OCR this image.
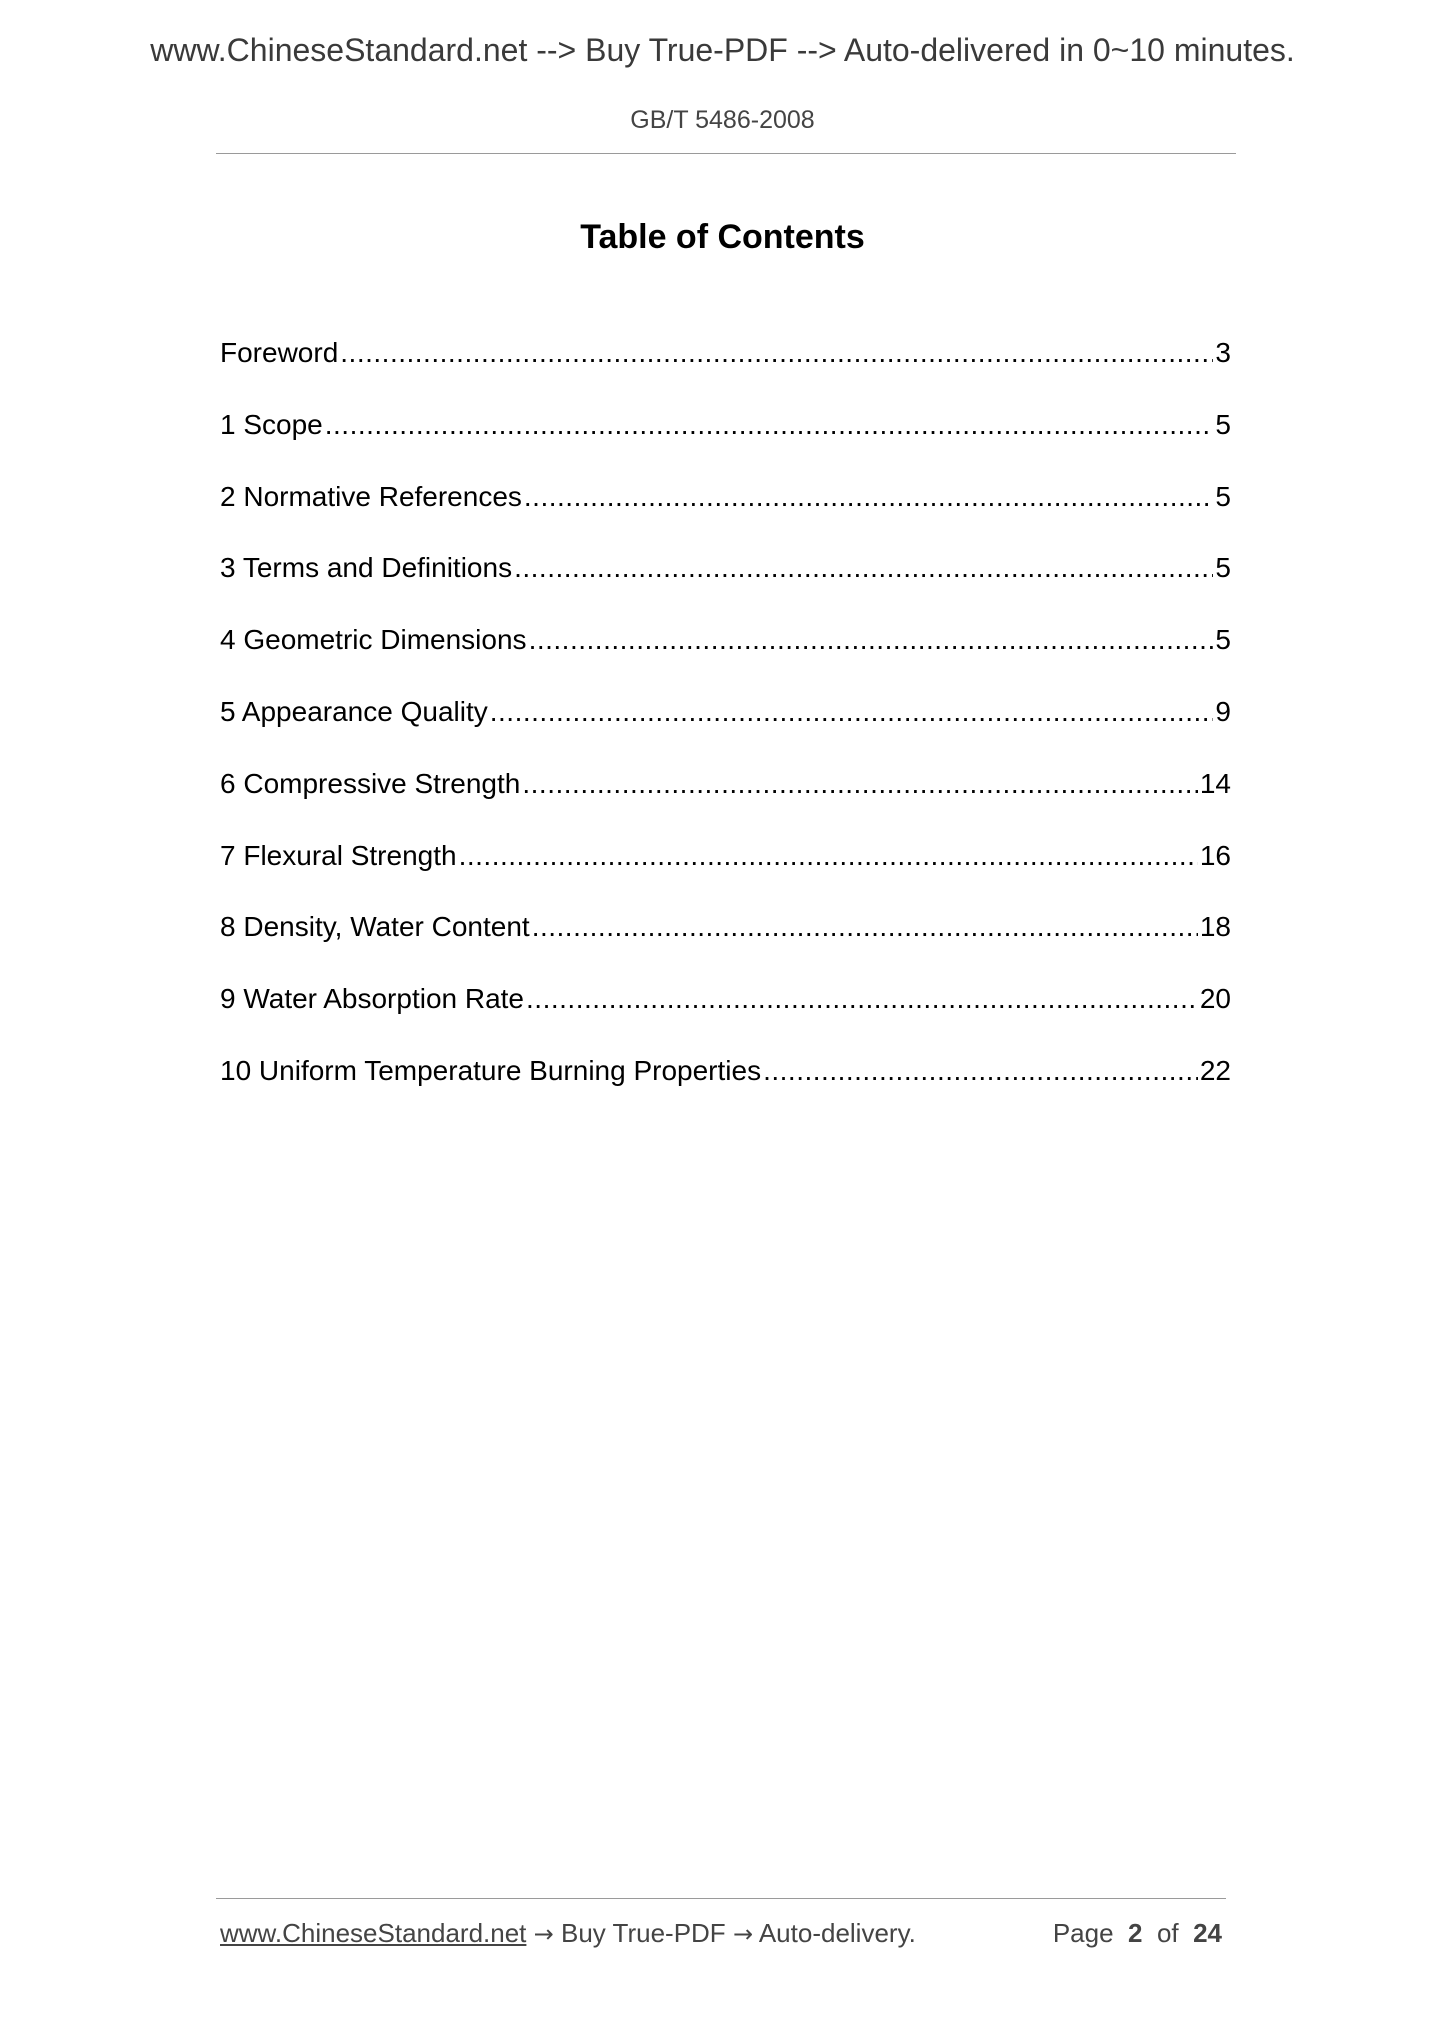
www.ChineseStandard.net --> Buy True-PDF --> Auto-delivered in 0~10 minutes.
GB/T 5486-2008
Table of Contents
Foreword .....	3
1 Scope .....	5
2 Normative References .....	5
3 Terms and Definitions .....	5
4 Geometric Dimensions .....	5
5 Appearance Quality .....	9
6 Compressive Strength .....	14
7 Flexural Strength .....	16
8 Density, Water Content .....	18
9 Water Absorption Rate .....	20
10 Uniform Temperature Burning Properties .....	22
www.ChineseStandard.net → Buy True-PDF → Auto-delivery.	Page 2 of 24
